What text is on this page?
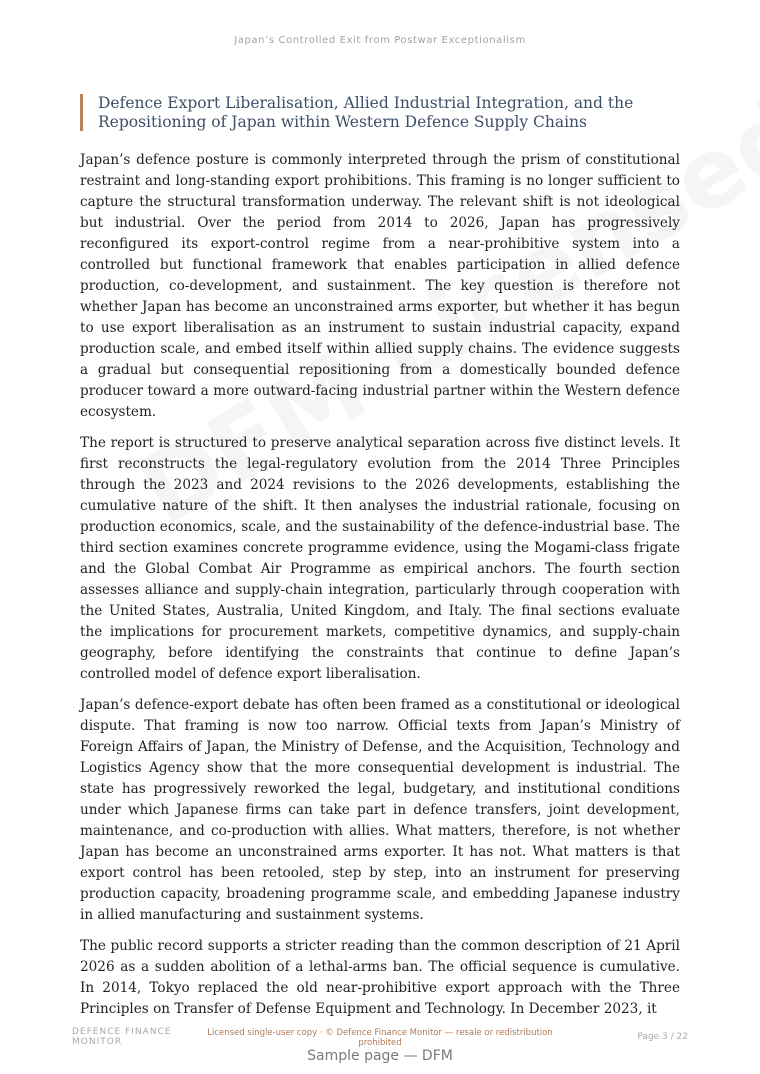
Japan’s Controlled Exit from Postwar Exceptionalism
Defence Export Liberalisation, Allied Industrial Integration, and the Repositioning of Japan within Western Defence Supply Chains

Japan’s defence posture is commonly interpreted through the prism of constitutional restraint and long-standing export prohibitions. This framing is no longer sufficient to capture the structural transformation underway. The relevant shift is not ideological but industrial. Over the period from 2014 to 2026, Japan has progressively reconfigured its export-control regime from a near-prohibitive system into a controlled but functional framework that enables participation in allied defence production, co-development, and sustainment. The key question is therefore not whether Japan has become an unconstrained arms exporter, but whether it has begun to use export liberalisation as an instrument to sustain industrial capacity, expand production scale, and embed itself within allied supply chains. The evidence suggests a gradual but consequential repositioning from a domestically bounded defence producer toward a more outward-facing industrial partner within the Western defence ecosystem.

The report is structured to preserve analytical separation across five distinct levels. It first reconstructs the legal-regulatory evolution from the 2014 Three Principles through the 2023 and 2024 revisions to the 2026 developments, establishing the cumulative nature of the shift. It then analyses the industrial rationale, focusing on production economics, scale, and the sustainability of the defence-industrial base. The third section examines concrete programme evidence, using the Mogami-class frigate and the Global Combat Air Programme as empirical anchors. The fourth section assesses alliance and supply-chain integration, particularly through cooperation with the United States, Australia, United Kingdom, and Italy. The final sections evaluate the implications for procurement markets, competitive dynamics, and supply-chain geography, before identifying the constraints that continue to define Japan’s controlled model of defence export liberalisation.

Japan’s defence-export debate has often been framed as a constitutional or ideological dispute. That framing is now too narrow. Official texts from Japan’s Ministry of Foreign Affairs of Japan, the Ministry of Defense, and the Acquisition, Technology and Logistics Agency show that the more consequential development is industrial. The state has progressively reworked the legal, budgetary, and institutional conditions under which Japanese firms can take part in defence transfers, joint development, maintenance, and co-production with allies. What matters, therefore, is not whether Japan has become an unconstrained arms exporter. It has not. What matters is that export control has been retooled, step by step, into an instrument for preserving production capacity, broadening programme scale, and embedding Japanese industry in allied manufacturing and sustainment systems.

The public record supports a stricter reading than the common description of 21 April 2026 as a sudden abolition of a lethal-arms ban. The official sequence is cumulative. In 2014, Tokyo replaced the old near-prohibitive export approach with the Three Principles on Transfer of Defense Equipment and Technology. In December 2023, it

DEFENCE FINANCE
MONITOR
Licensed single-user copy · © Defence Finance Monitor — resale or redistribution prohibited
Page 3 / 22
Sample page — DFM
